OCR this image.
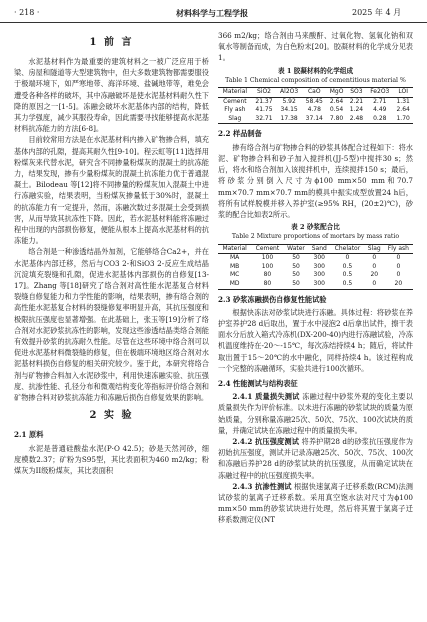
· 218 ·	材料科学与工程学报	2025 年 4 月
1 前 言

水泥基材料作为最重要的建筑材料之一被广泛应用于桥梁、房屋和隧道等大型建筑物中，但大多数建筑物都需要服役于极端环境下，如严寒地带、海洋环境、盐碱地带等，难免会遭受各种各样的破坏，其中冻融破坏是使水泥基材料耐久性下降的原因之一[1-5]。冻融会破坏水泥基体内部的结构，降低其力学强度，减少其服役寿命，因此需要寻找能够提高水泥基材料抗冻能力的方法[6-8]。

目前较常用方法是在水泥基材料内掺入矿物掺合料，填充基体内部的孔隙，提高其耐久性[9-10]。程云虹等[11]选择用粉煤灰来代替水泥，研究含不同掺量粉煤灰的混凝土的抗冻能力，结果发现，掺有少量粉煤灰的混凝土抗冻能力优于普通混凝土。Bilodeau 等[12]将不同掺量的粉煤灰加入混凝土中进行冻融实验，结果表明，当粉煤灰掺量低于30%时，混凝土的抗冻能力有一定提升，然而，冻融次数过多混凝土会受到损害，从而导致其抗冻性下降。因此，若水泥基材料能将冻融过程中出现的内部损伤修复，便能从根本上提高水泥基材料的抗冻能力。

络合剂是一种渗透结晶外加剂，它能够络合Ca2+，并在水泥基体内部迁移，然后与CO3 2-和SiO3 2-反应生成结晶沉淀填充裂缝和孔隙，促进水泥基体内部损伤的自修复[13-17]。Zhang 等[18]研究了络合剂对高性能水泥基复合材料裂缝自修复能力和力学性能的影响，结果表明，掺有络合剂的高性能水泥基复合材料的裂缝修复率明显升高，其抗压强度和极限抗压强度也显著增强。在此基础上，张玉等[19]分析了络合剂对水泥砂浆抗冻性的影响，发现这些渗透结晶类络合剂能有效提升砂浆的抗冻耐久性能。尽管在这些环境中络合剂可以促进水泥基材料微裂缝的修复，但在极端环境地区络合剂对水泥基材料损伤自修复的相关研究较少。鉴于此，本研究将络合剂与矿物掺合料加入水泥砂浆中，利用快速冻融实验、抗压强度、抗渗性能、孔径分布和微观结构变化等指标评价络合剂和矿物掺合料对砂浆抗冻能力和冻融后损伤自修复效果的影响。

2 实 验

2.1 原料

水泥是普通硅酸盐水泥(P·O 42.5)；砂是天然河砂，细度模数2.37；矿粉为S95型，其比表面积为460 m2/kg；粉煤灰为II级粉煤灰，其比表面积

366 m2/kg；络合剂由马来酸酐、过氧化物、氢氧化钠和双氧水等制备而成，为白色粉末[20]。胶凝材料的化学成分见表1。

表 1 胶凝材料的化学组成

Table 1 Chemical composition of cementitious material %

Material	SiO2	Al2O3	CaO	MgO	SO3	Fe2O3	LOI
Cement	21.37	5.92	58.45	2.64	2.21	2.71	1.31
Fly ash	41.75	34.15	4.78	0.54	1.24	4.49	2.64
Slag	32.71	17.38	37.14	7.80	2.48	0.28	1.70

2.2 样品制备

掺有络合剂与矿物掺合料的砂浆具体配合过程如下：将水泥、矿物掺合料和砂子加入搅拌机(JJ-5型)中搅拌30 s；然后，将水和络合剂加入该搅拌机中，连续搅拌150 s；最后，将砂浆分别倒入尺寸为ϕ100 mm×50 mm和70.7 mm×70.7 mm×70.7 mm的模具中振实成型放置24 h后，将所有试样脱模并移入养护室(≥95% RH，(20±2)℃)，砂浆的配合比如表2所示。

表 2 砂浆配合比

Table 2 Mixture proportions of mortars by mass ratio

Material	Cement	Water	Sand	Chelator	Slag	Fly ash
MA	100	50	300	0	0	0
MB	100	50	300	0.5	0	0
MC	80	50	300	0.5	20	0
MD	80	50	300	0.5	0	20

2.3 砂浆冻融损伤自修复性能试验

根据快冻法对砂浆试块进行冻融。具体过程：将砂浆在养护室养护28 d后取出，置于水中浸泡2 d后拿出试件，擦干表面水分后放入箱式冷冻机(DX-200-40)内进行冻融试验，冷冻机温度维持在-20～-15℃，每次冻结持续4 h；随后，将试件取出置于15～20℃的水中融化，同样持续4 h。该过程构成一个完整的冻融循环，实验共进行100次循环。

2.4 性能测试与结构表征

2.4.1 质量损失测试 冻融过程中砂浆外观的变化主要以质量损失作为评价标准。以未进行冻融的砂浆试块的质量为原始质量，分别称量冻融25次、50次、75次、100次试块的质量，并确定试块在冻融过程中的质量损失率。

2.4.2 抗压强度测试 将养护期28 d的砂浆抗压强度作为初始抗压强度，测试并记录冻融25次、50次、75次、100次和冻融后养护28 d的砂浆试块的抗压强度，从而确定试块在冻融过程中的抗压强度损失率。

2.4.3 抗渗性测试 根据快速氯离子迁移系数(RCM)法测试砂浆的氯离子迁移系数。采用真空饱水法对尺寸为ϕ100 mm×50 mm的砂浆试块进行处理，然后将其置于氯离子迁移系数测定仪(NT
